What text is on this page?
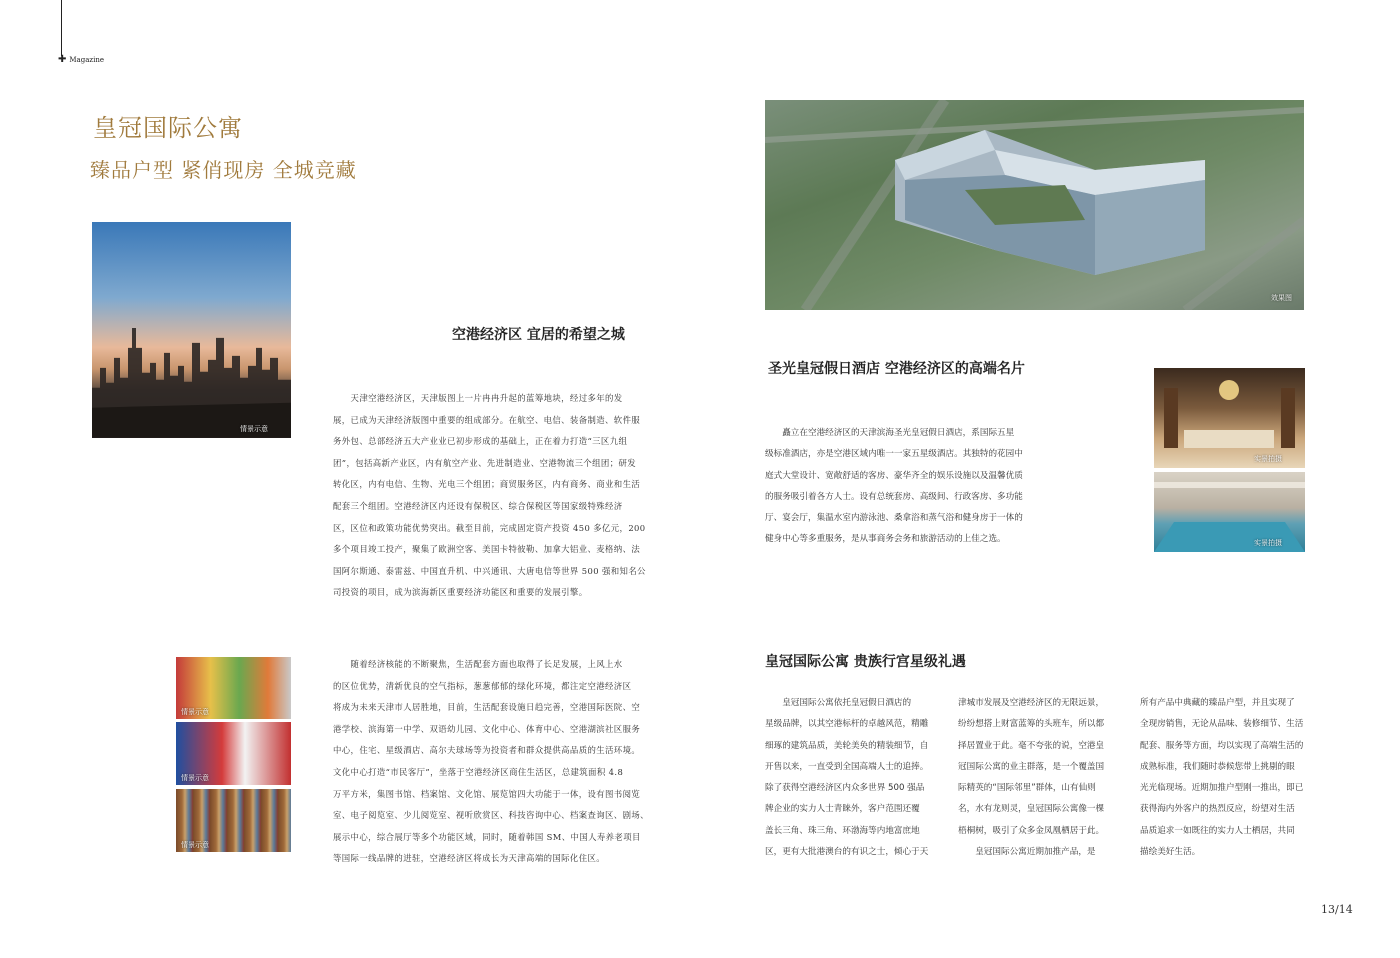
✚ Magazine
皇冠国际公寓
臻品户型 紧俏现房 全城竞藏
情景示意
空港经济区 宜居的希望之城
　　天津空港经济区，天津版图上一片冉冉升起的蓝筹地块，经过多年的发
展，已成为天津经济版图中重要的组成部分。在航空、电信、装备制造、软件服
务外包、总部经济五大产业业已初步形成的基础上，正在着力打造“三区九组
团”，包括高新产业区，内有航空产业、先进制造业、空港物流三个组团；研发
转化区，内有电信、生物、光电三个组团；商贸服务区，内有商务、商业和生活
配套三个组团。空港经济区内还设有保税区、综合保税区等国家级特殊经济
区，区位和政策功能优势突出。截至目前，完成固定资产投资 450 多亿元，200
多个项目竣工投产，聚集了欧洲空客、美国卡特彼勒、加拿大铝业、麦格纳、法
国阿尔斯通、泰雷兹、中国直升机、中兴通讯、大唐电信等世界 500 强和知名公
司投资的项目，成为滨海新区重要经济功能区和重要的发展引擎。
情景示意
情景示意
情景示意
　　随着经济核能的不断聚焦，生活配套方面也取得了长足发展，上风上水
的区位优势，清新优良的空气指标，葱葱郁郁的绿化环境，都注定空港经济区
将成为未来天津市人居胜地，目前，生活配套设施日趋完善，空港国际医院、空
港学校、滨海第一中学、双语幼儿园、文化中心、体育中心、空港湖滨社区服务
中心，住宅、星级酒店、高尔夫球场等为投资者和群众提供高品质的生活环境。
文化中心打造“市民客厅”，坐落于空港经济区商住生活区，总建筑面积 4.8
万平方米，集图书馆、档案馆、文化馆、展览馆四大功能于一体，设有图书阅览
室、电子阅览室、少儿阅览室、视听欣赏区、科技咨询中心、档案查询区、剧场、
展示中心，综合展厅等多个功能区域，同时，随着韩国 SM、中国人寿养老项目
等国际一线品牌的进驻，空港经济区将成长为天津高端的国际化住区。
效果图
圣光皇冠假日酒店 空港经济区的高端名片
　　矗立在空港经济区的天津滨海圣光皇冠假日酒店，系国际五星
级标准酒店，亦是空港区域内唯一一家五星级酒店。其独特的花园中
庭式大堂设计、宽敞舒适的客房、豪华齐全的娱乐设施以及温馨优质
的服务吸引着各方人士。设有总统套房、高级间、行政客房、多功能
厅、宴会厅，集温水室内游泳池、桑拿浴和蒸气浴和健身房于一体的
健身中心等多重服务，是从事商务会务和旅游活动的上佳之选。
实景拍摄
实景拍摄
皇冠国际公寓 贵族行宫星级礼遇
　　皇冠国际公寓依托皇冠假日酒店的
星级品牌，以其空港标杆的卓越风范，精雕
细琢的建筑品质，美轮美奂的精装细节，自
开售以来，一直受到全国高端人士的追捧。
除了获得空港经济区内众多世界 500 强品
牌企业的实力人士青睐外，客户范围还覆
盖长三角、珠三角、环渤海等内地富庶地
区，更有大批港澳台的有识之士，倾心于天
津城市发展及空港经济区的无限远景，
纷纷想搭上财富蓝筹的头班车，所以都
择居置业于此。毫不夸张的说，空港皇
冠国际公寓的业主群落，是一个覆盖国
际精英的“国际邻里”群体，山有仙则
名，水有龙则灵，皇冠国际公寓像一棵
梧桐树，吸引了众多金凤凰栖居于此。
　　皇冠国际公寓近期加推产品，是
所有产品中典藏的臻品户型，并且实现了
全现房销售，无论从品味、装修细节、生活
配套、服务等方面，均以实现了高端生活的
成熟标准，我们随时恭候您带上挑剔的眼
光光临现场。近期加推户型刚一推出，即已
获得海内外客户的热烈反应，纷望对生活
品质追求一如既往的实力人士栖居，共同
描绘美好生活。
13/14
